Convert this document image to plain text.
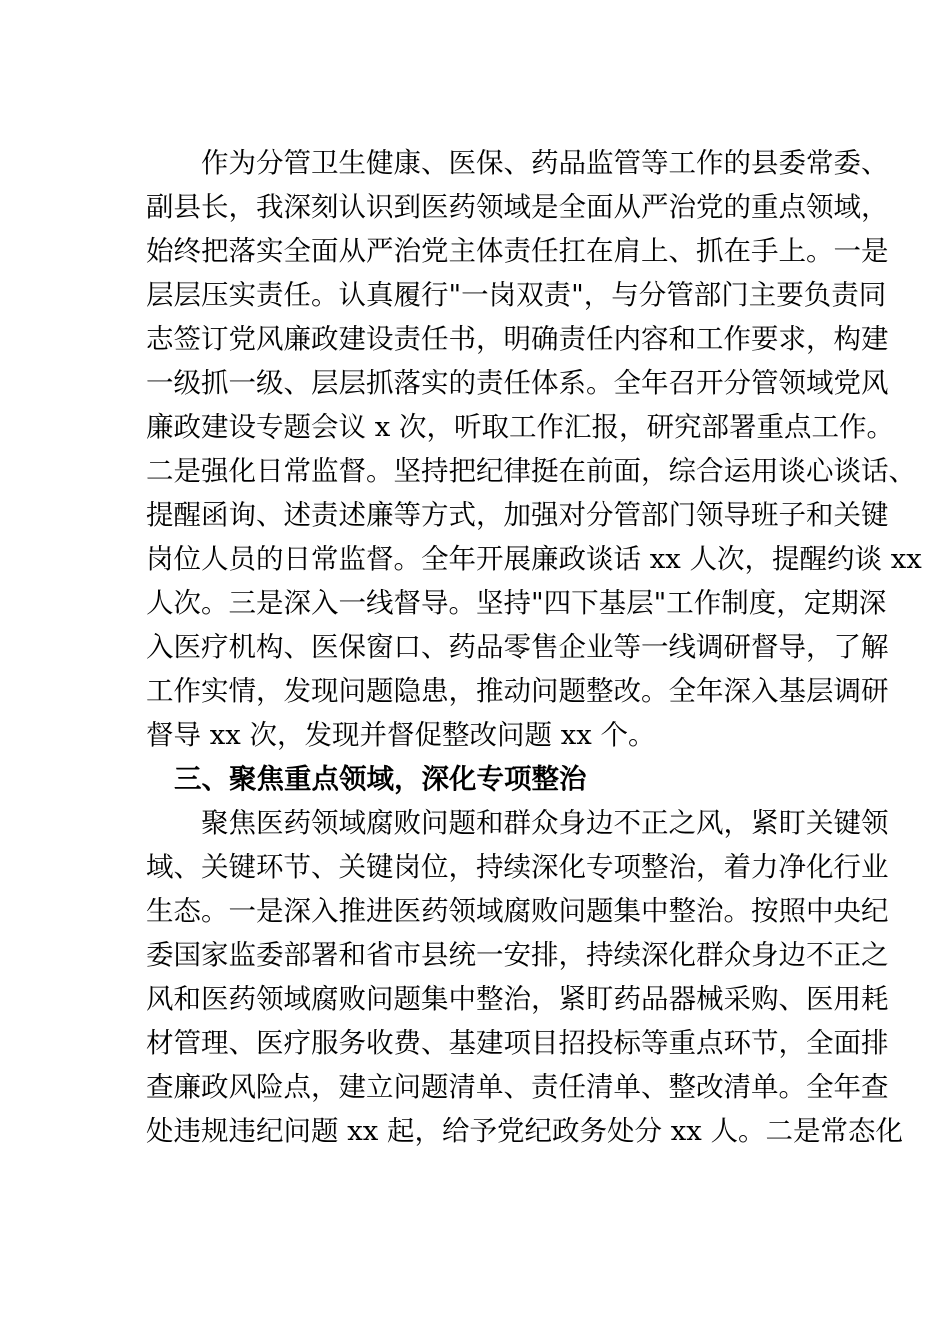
　　作为分管卫生健康、医保、药品监管等工作的县委常委、
副县长，我深刻认识到医药领域是全面从严治党的重点领域，
始终把落实全面从严治党主体责任扛在肩上、抓在手上。一是
层层压实责任。认真履行"一岗双责"，与分管部门主要负责同
志签订党风廉政建设责任书，明确责任内容和工作要求，构建
一级抓一级、层层抓落实的责任体系。全年召开分管领域党风
廉政建设专题会议 x 次，听取工作汇报，研究部署重点工作。
二是强化日常监督。坚持把纪律挺在前面，综合运用谈心谈话、
提醒函询、述责述廉等方式，加强对分管部门领导班子和关键
岗位人员的日常监督。全年开展廉政谈话 xx 人次，提醒约谈 xx
人次。三是深入一线督导。坚持"四下基层"工作制度，定期深
入医疗机构、医保窗口、药品零售企业等一线调研督导，了解
工作实情，发现问题隐患，推动问题整改。全年深入基层调研
督导 xx 次，发现并督促整改问题 xx 个。
三、聚焦重点领域，深化专项整治
　　聚焦医药领域腐败问题和群众身边不正之风，紧盯关键领
域、关键环节、关键岗位，持续深化专项整治，着力净化行业
生态。一是深入推进医药领域腐败问题集中整治。按照中央纪
委国家监委部署和省市县统一安排，持续深化群众身边不正之
风和医药领域腐败问题集中整治，紧盯药品器械采购、医用耗
材管理、医疗服务收费、基建项目招投标等重点环节，全面排
查廉政风险点，建立问题清单、责任清单、整改清单。全年查
处违规违纪问题 xx 起，给予党纪政务处分 xx 人。二是常态化
